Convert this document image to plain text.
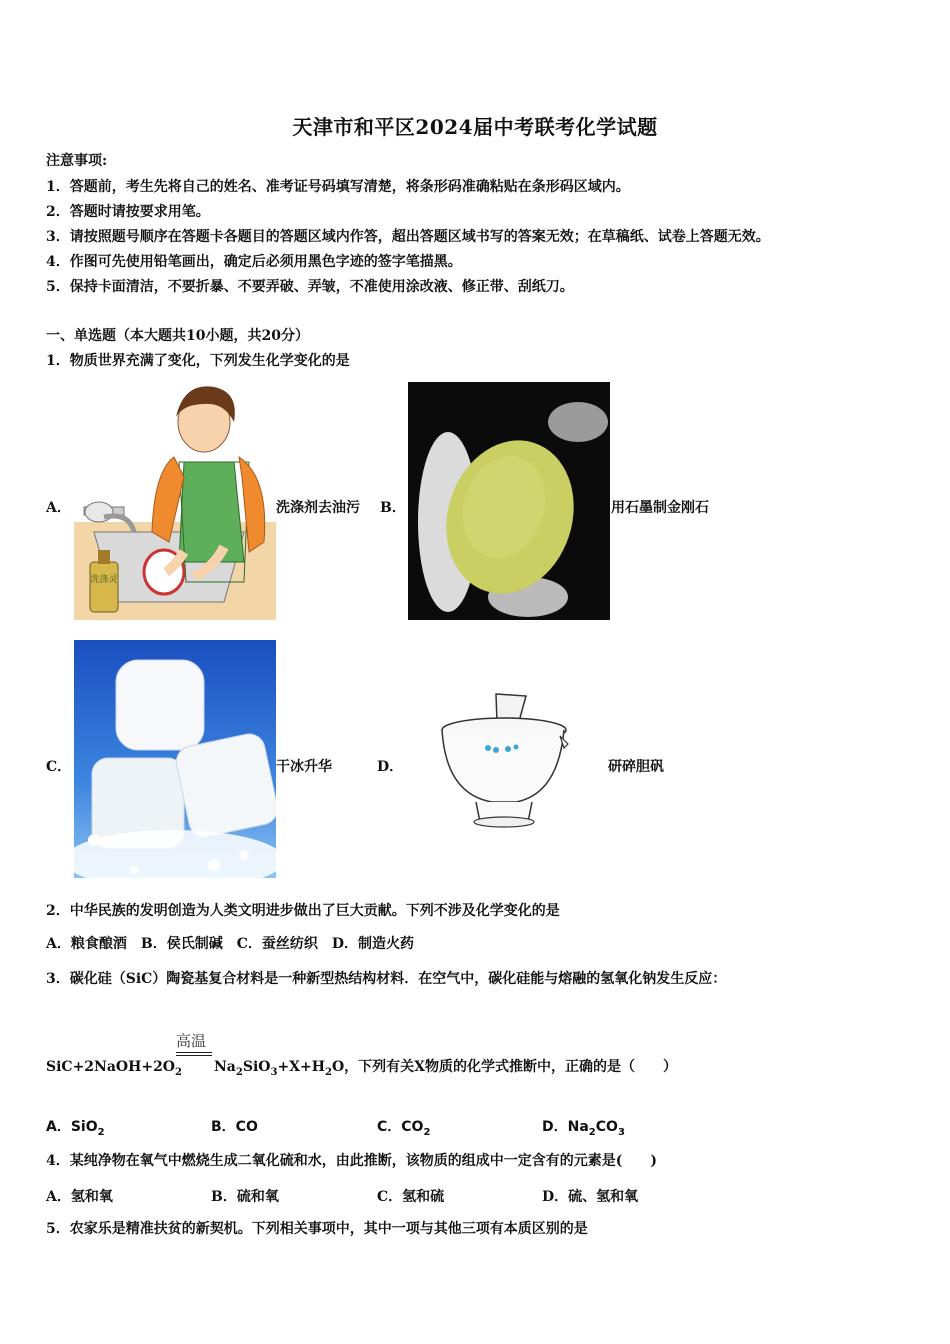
天津市和平区2024届中考联考化学试题
注意事项:
1．答题前，考生先将自己的姓名、准考证号码填写清楚，将条形码准确粘贴在条形码区域内。
2．答题时请按要求用笔。
3．请按照题号顺序在答题卡各题目的答题区域内作答，超出答题区域书写的答案无效；在草稿纸、试卷上答题无效。
4．作图可先使用铅笔画出，确定后必须用黑色字迹的签字笔描黑。
5．保持卡面清洁，不要折暴、不要弄破、弄皱，不准使用涂改液、修正带、刮纸刀。
一、单选题（本大题共10小题，共20分）
1．物质世界充满了变化，下列发生化学变化的是
A．
洗涤灵
洗涤剂去油污 B．	用石墨制金刚石
C．	干冰升华	D．	研碎胆矾
2．中华民族的发明创造为人类文明进步做出了巨大贡献。下列不涉及化学变化的是
A．粮食酿酒　B．侯氏制碱　C．蚕丝纺织　D．制造火药
3．碳化硅（SiC）陶瓷基复合材料是一种新型热结构材料．在空气中，碳化硅能与熔融的氢氧化钠发生反应：
高温
$SiC+2NaOH+2O_2$ $Na_2SiO_3+X+H_2O$，下列有关X物质的化学式推断中，正确的是（　　）
A．SiO$_2$	B．CO	C．$CO_2$	D．$Na_2CO_3$
4．某纯净物在氧气中燃烧生成二氧化硫和水，由此推断，该物质的组成中一定含有的元素是(　　)
A．氢和氧	B．硫和氧	C．氢和硫	D．硫、氢和氧
5．农家乐是精准扶贫的新契机。下列相关事项中，其中一项与其他三项有本质区别的是
